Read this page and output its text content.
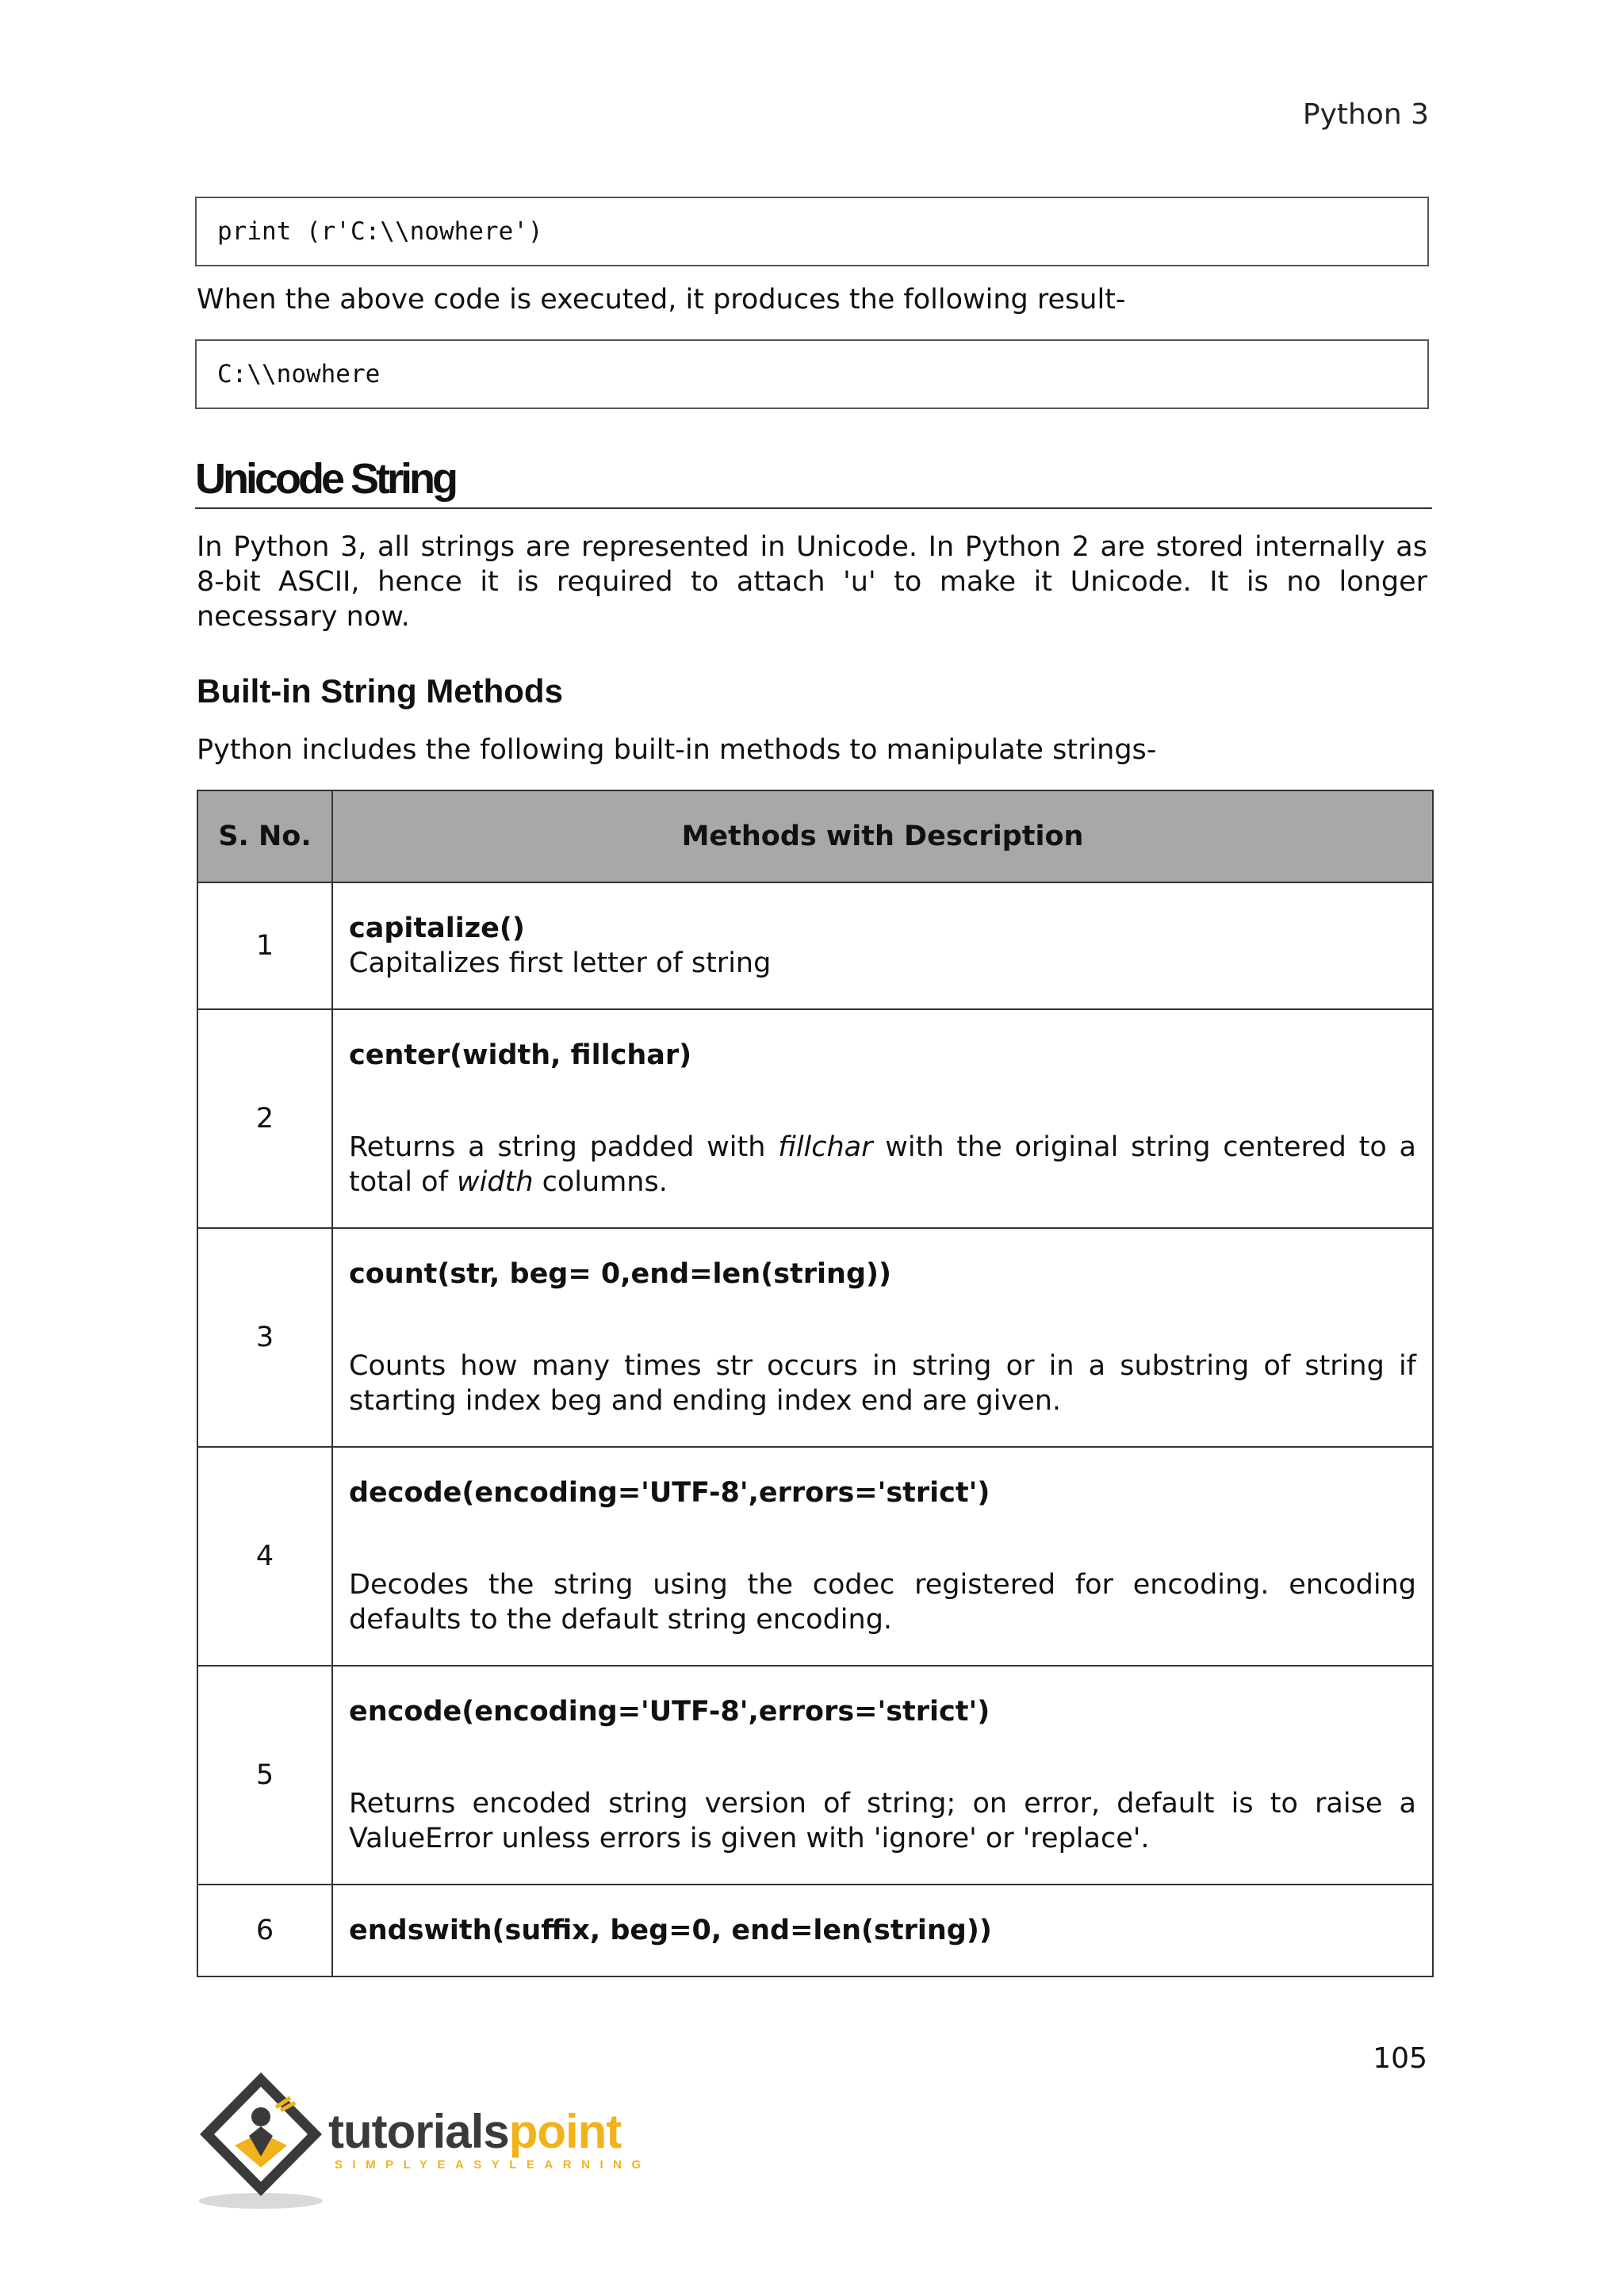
Python 3
print (r'C:\\nowhere')
When the above code is executed, it produces the following result-
C:\\nowhere
Unicode String
In Python 3, all strings are represented in Unicode. In Python 2 are stored internally as 8-bit ASCII, hence it is required to attach 'u' to make it Unicode. It is no longer necessary now.
Built-in String Methods
Python includes the following built-in methods to manipulate strings-
S. No.	Methods with Description
1	capitalize()
Capitalizes first letter of string

2	center(width, fillchar)
Returns a string padded with fillchar with the original string centered to a total of width columns.

3	count(str, beg= 0,end=len(string))
Counts how many times str occurs in string or in a substring of string if starting index beg and ending index end are given.

4	decode(encoding='UTF-8',errors='strict')
Decodes the string using the codec registered for encoding. encoding defaults to the default string encoding.

5	encode(encoding='UTF-8',errors='strict')
Returns encoded string version of string; on error, default is to raise a ValueError unless errors is given with 'ignore' or 'replace'.

6	endswith(suffix, beg=0, end=len(string))
105
tutorialspoint
SIMPLYEASYLEARNING
